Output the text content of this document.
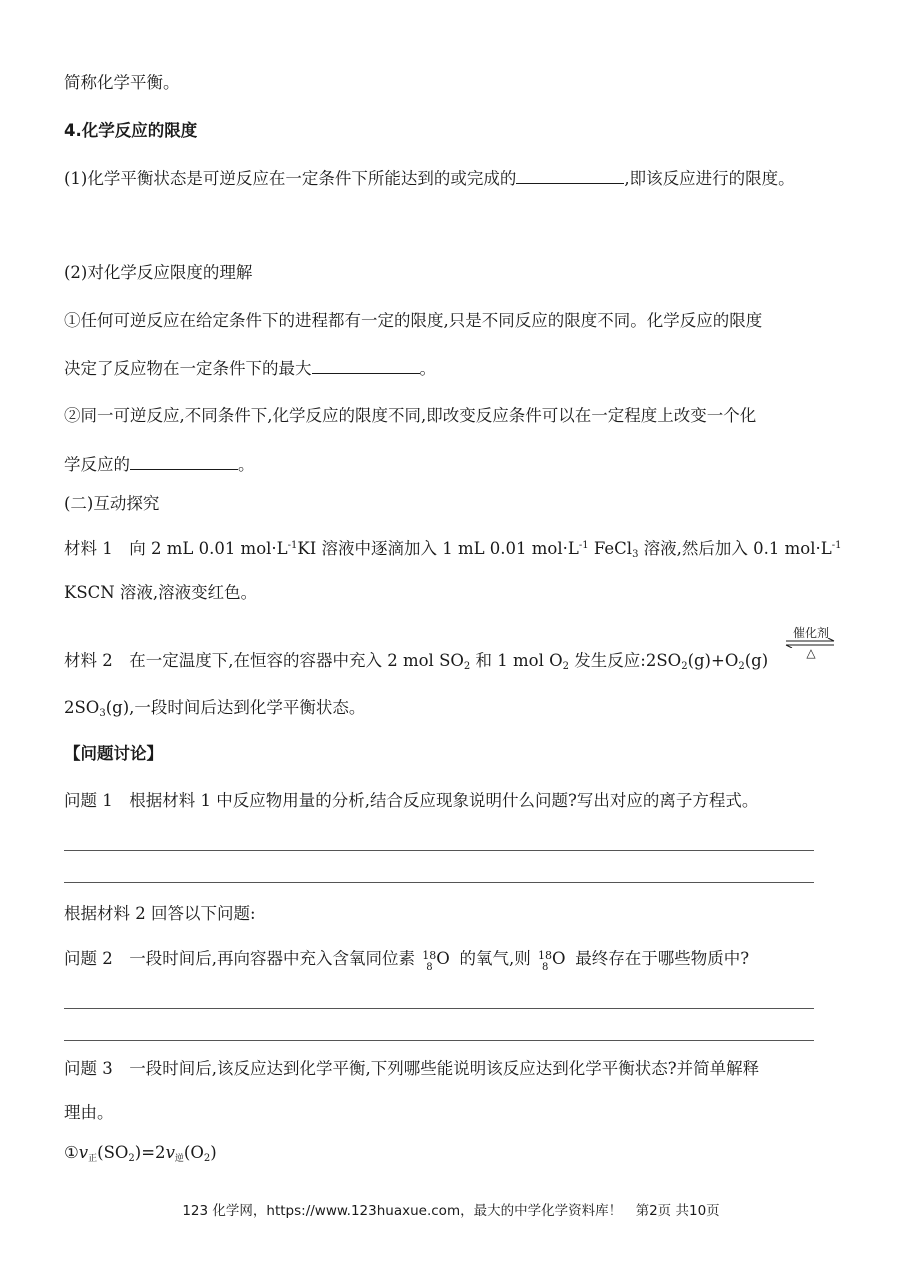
简称化学平衡。
4.化学反应的限度
(1)化学平衡状态是可逆反应在一定条件下所能达到的或完成的	,即该反应进行的限度。
(2)对化学反应限度的理解
①任何可逆反应在给定条件下的进程都有一定的限度,只是不同反应的限度不同。化学反应的限度
决定了反应物在一定条件下的最大	。
②同一可逆反应,不同条件下,化学反应的限度不同,即改变反应条件可以在一定程度上改变一个化
学反应的	。
(二)互动探究
材料 1　向 2 mL 0.01 $mol\cdot L^{-1}KI$ 溶液中逐滴加入 1 mL 0.01 $mol\cdot L^{-1}$ FeCl$_3$ 溶液,然后加入 0.1 $mol\cdot L^{-1}$
KSCN 溶液,溶液变红色。
材料 2　在一定温度下,在恒容的容器中充入 2 mol $SO_2$ 和 1 mol $O_2$ 发生反应$:2SO_2(g)+O_2(g)$
催化剂
△
$2SO_3(g)$,一段时间后达到化学平衡状态。
【问题讨论】
问题 1　根据材料 1 中反应物用量的分析,结合反应现象说明什么问题?写出对应的离子方程式。
根据材料 2 回答以下问题:
问题 2　一段时间后,再向容器中充入含氧同位素 18
8 O 的氧气,则 18
8 O 最终存在于哪些物质中?
问题 3　一段时间后,该反应达到化学平衡,下列哪些能说明该反应达到化学平衡状态?并简单解释
理由。
①v正$(SO_2)=2v$逆$(O_2)$
123 化学网，https://www.123huaxue.com，最大的中学化学资料库！　第2页 共10页
